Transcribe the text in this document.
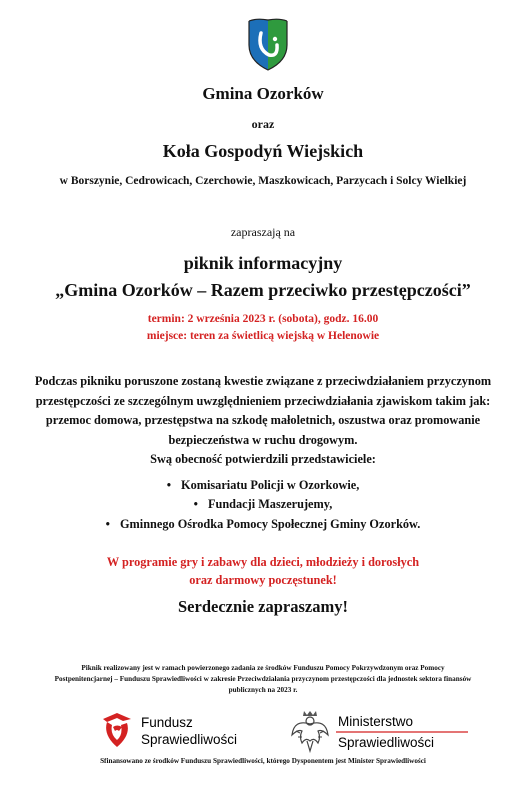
Gmina Ozorków
oraz
Koła Gospodyń Wiejskich
w Borszynie, Cedrowicach, Czerchowie, Maszkowicach, Parzycach i Solcy Wielkiej
zapraszają na
piknik informacyjny
„Gmina Ozorków – Razem przeciwko przestępczości”
termin: 2 września 2023 r. (sobota), godz. 16.00
miejsce: teren za świetlicą wiejską w Helenowie
Podczas pikniku poruszone zostaną kwestie związane z przeciwdziałaniem przyczynom
przestępczości ze szczególnym uwzględnieniem przeciwdziałania zjawiskom takim jak:
przemoc domowa, przestępstwa na szkodę małoletnich, oszustwa oraz promowanie
bezpieczeństwa w ruchu drogowym.
Swą obecność potwierdzili przedstawiciele:
• Komisariatu Policji w Ozorkowie,
• Fundacji Maszerujemy,
• Gminnego Ośrodka Pomocy Społecznej Gminy Ozorków.
W programie gry i zabawy dla dzieci, młodzieży i dorosłych
oraz darmowy poczęstunek!
Serdecznie zapraszamy!
Piknik realizowany jest w ramach powierzonego zadania ze środków Funduszu Pomocy Pokrzywdzonym oraz Pomocy
Postpenitencjarnej – Funduszu Sprawiedliwości w zakresie Przeciwdziałania przyczynom przestępczości dla jednostek sektora finansów
publicznych na 2023 r.
Fundusz
Sprawiedliwości
Ministerstwo
Sprawiedliwości
Sfinansowano ze środków Funduszu Sprawiedliwości, którego Dysponentem jest Minister Sprawiedliwości
